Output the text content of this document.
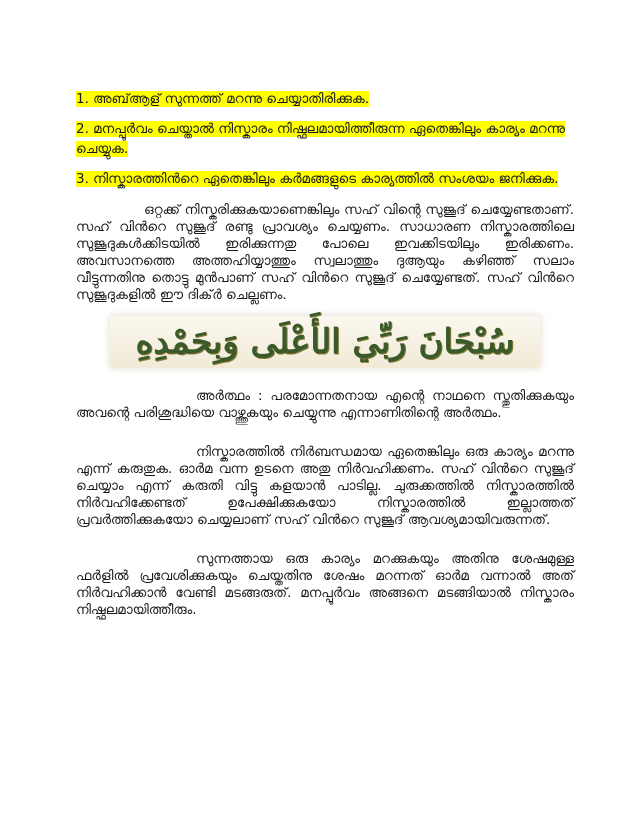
1. അബ്ആള് സുന്നത്ത് മറന്നു ചെയ്യാതിരിക്കുക.
2. മനപ്പൂർവം ചെയ്താൽ നിസ്കാരം നിഷ്ഫലമായിത്തീരുന്ന ഏതെങ്കിലും കാര്യം മറന്നു ചെയ്യുക.
3. നിസ്കാരത്തിൻറെ ഏതെങ്കിലും കർമങ്ങളുടെ കാര്യത്തിൽ സംശയം ജനിക്കുക.

ഒറ്റക്ക് നിസ്കരിക്കുകയാണെങ്കിലും സഹ് വിന്റെ സുജൂദ് ചെയ്യേണ്ടതാണ്. സഹ് വിൻറെ സുജൂദ് രണ്ടു പ്രാവശ്യം ചെയ്യണം. സാധാരണ നിസ്കാരത്തിലെ സുജൂദുകൾക്കിടയിൽ ഇരിക്കുന്നതു പോലെ ഇവക്കിടയിലും ഇരിക്കണം. അവസാനത്തെ അത്തഹിയ്യാത്തും സ്വലാത്തും ദുആയും കഴിഞ്ഞ് സലാം വീട്ടുന്നതിനു തൊട്ടു മുൻപാണ് സഹ് വിൻറെ സുജൂദ് ചെയ്യേണ്ടത്. സഹ് വിൻറെ സുജൂദുകളിൽ ഈ ദിക്ർ ചെല്ലണം.

سُبْحَانَ رَبِّيَ الأَعْلَى وَبِحَمْدِهِ

അർത്ഥം : പരമോന്നതനായ എന്റെ നാഥനെ സ്തുതിക്കുകയും അവന്റെ പരിശുദ്ധിയെ വാഴ്ത്തുകയും ചെയ്യുന്നു എന്നാണിതിന്റെ അർത്ഥം.

നിസ്കാരത്തിൽ നിർബന്ധമായ ഏതെങ്കിലും ഒരു കാര്യം മറന്നു എന്ന് കരുതുക. ഓർമ വന്ന ഉടനെ അതു നിർവഹിക്കണം. സഹ് വിൻറെ സുജൂദ് ചെയ്യാം എന്ന് കരുതി വിട്ടു കളയാൻ പാടില്ല. ചുരുക്കത്തിൽ നിസ്കാരത്തിൽ നിർവഹിക്കേണ്ടത് ഉപേക്ഷിക്കുകയോ നിസ്കാരത്തിൽ ഇല്ലാത്തത് പ്രവർത്തിക്കുകയോ ചെയ്യലാണ് സഹ് വിൻറെ സുജൂദ് ആവശ്യമായിവരുന്നത്.

സുന്നത്തായ ഒരു കാര്യം മറക്കുകയും അതിനു ശേഷമുള്ള ഫർളിൽ പ്രവേശിക്കുകയും ചെയ്തതിനു ശേഷം മറന്നത് ഓർമ വന്നാൽ അത് നിർവഹിക്കാൻ വേണ്ടി മടങ്ങരുത്. മനപ്പൂർവം അങ്ങനെ മടങ്ങിയാൽ നിസ്കാരം നിഷ്ഫലമായിത്തീരും.
